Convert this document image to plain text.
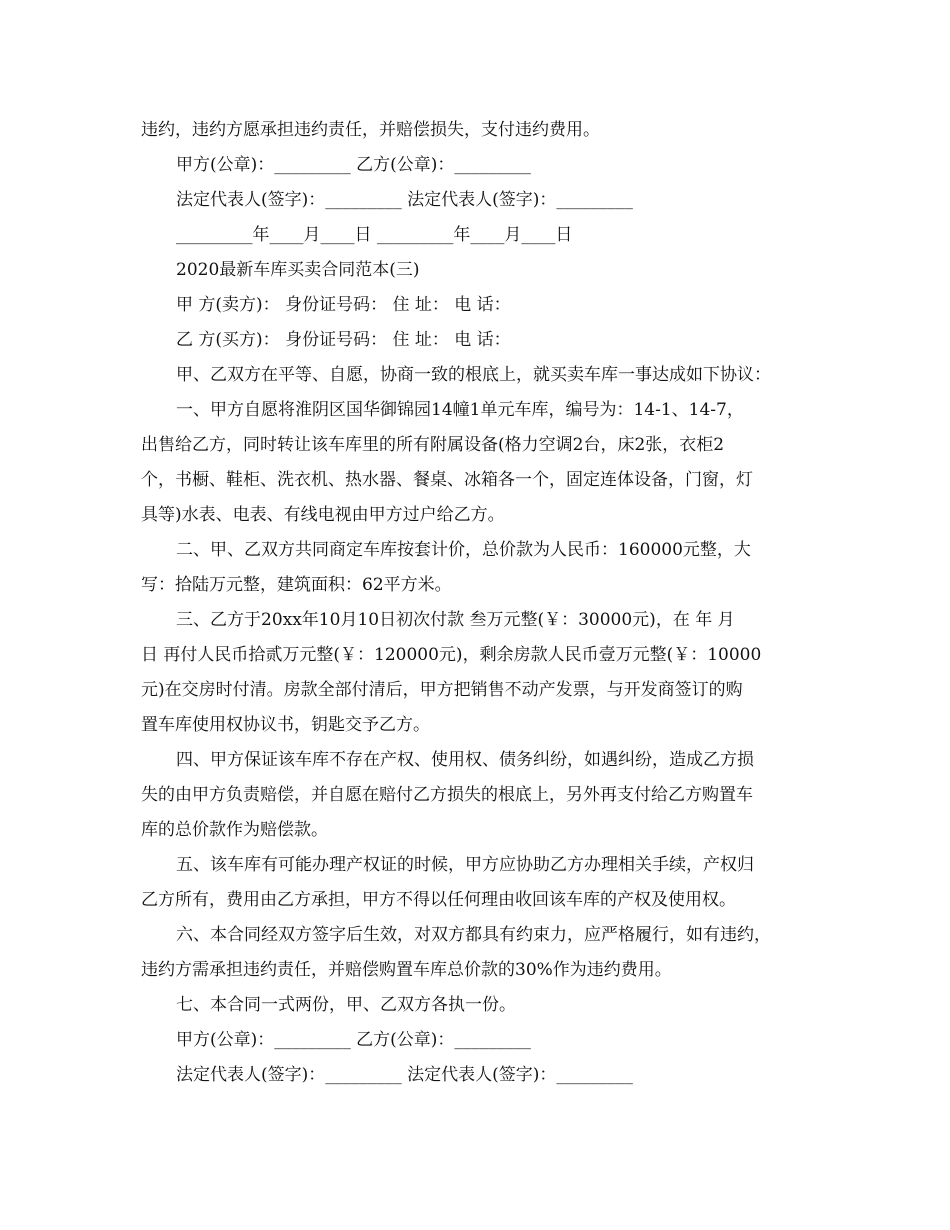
违约，违约方愿承担违约责任，并赔偿损失，支付违约费用。
甲方(公章)：_________ 乙方(公章)：_________
法定代表人(签字)：_________ 法定代表人(签字)：_________
_________年____月____日 _________年____月____日
2020最新车库买卖合同范本(三)
甲 方(卖方)： 身份证号码： 住 址： 电 话：
乙 方(买方)： 身份证号码： 住 址： 电 话：
甲、乙双方在平等、自愿，协商一致的根底上，就买卖车库一事达成如下协议：
一、甲方自愿将淮阴区国华御锦园14幢1单元车库，编号为：14-1、14-7，
出售给乙方，同时转让该车库里的所有附属设备(格力空调2台，床2张，衣柜2
个，书橱、鞋柜、洗衣机、热水器、餐桌、冰箱各一个，固定连体设备，门窗，灯
具等)水表、电表、有线电视由甲方过户给乙方。
二、甲、乙双方共同商定车库按套计价，总价款为人民币：160000元整，大
写：拾陆万元整，建筑面积：62平方米。
三、乙方于20xx年10月10日初次付款 叁万元整(￥：30000元)，在 年 月
日 再付人民币拾贰万元整(￥：120000元)，剩余房款人民币壹万元整(￥：10000
元)在交房时付清。房款全部付清后，甲方把销售不动产发票，与开发商签订的购
置车库使用权协议书，钥匙交予乙方。
四、甲方保证该车库不存在产权、使用权、债务纠纷，如遇纠纷，造成乙方损
失的由甲方负责赔偿，并自愿在赔付乙方损失的根底上，另外再支付给乙方购置车
库的总价款作为赔偿款。
五、该车库有可能办理产权证的时候，甲方应协助乙方办理相关手续，产权归
乙方所有，费用由乙方承担，甲方不得以任何理由收回该车库的产权及使用权。
六、本合同经双方签字后生效，对双方都具有约束力，应严格履行，如有违约，
违约方需承担违约责任，并赔偿购置车库总价款的30%作为违约费用。
七、本合同一式两份，甲、乙双方各执一份。
甲方(公章)：_________ 乙方(公章)：_________
法定代表人(签字)：_________ 法定代表人(签字)：_________
